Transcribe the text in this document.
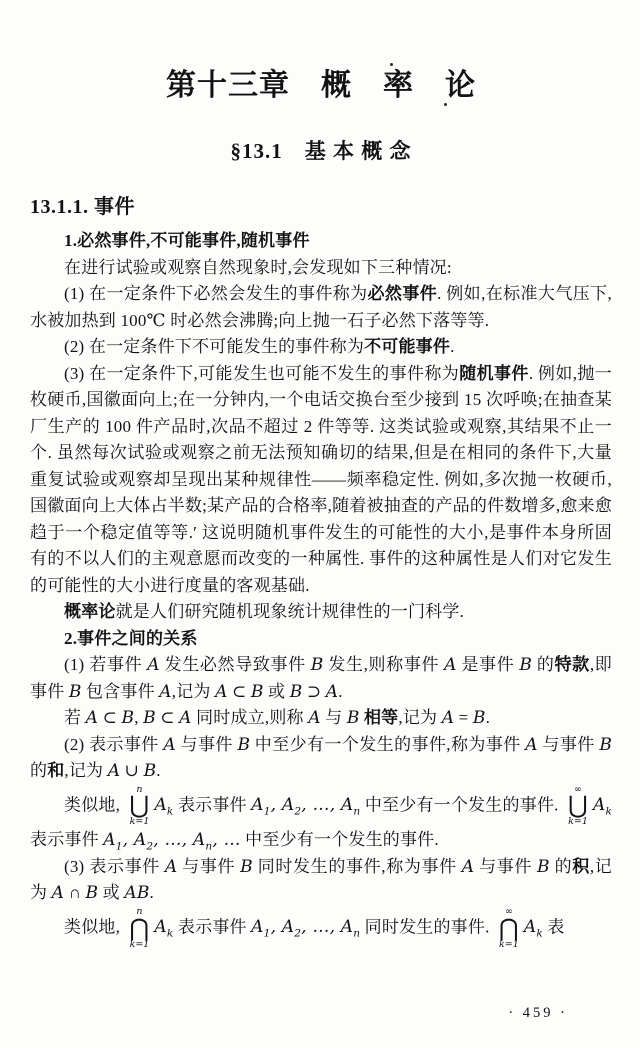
第十三章　概　率　论
§13.1　基 本 概 念
13.1.1. 事件

1.必然事件,不可能事件,随机事件

在进行试验或观察自然现象时,会发现如下三种情况:

(1) 在一定条件下必然会发生的事件称为必然事件. 例如,在标准大气压下,水被加热到 100℃ 时必然会沸腾;向上抛一石子必然下落等等.

(2) 在一定条件下不可能发生的事件称为不可能事件.

(3) 在一定条件下,可能发生也可能不发生的事件称为随机事件. 例如,抛一枚硬币,国徽面向上;在一分钟内,一个电话交换台至少接到 15 次呼唤;在抽查某厂生产的 100 件产品时,次品不超过 2 件等等. 这类试验或观察,其结果不止一个. 虽然每次试验或观察之前无法预知确切的结果,但是在相同的条件下,大量重复试验或观察却呈现出某种规律性——频率稳定性. 例如,多次抛一枚硬币,国徽面向上大体占半数;某产品的合格率,随着被抽查的产品的件数增多,愈来愈趋于一个稳定值等等.′ 这说明随机事件发生的可能性的大小,是事件本身所固有的不以人们的主观意愿而改变的一种属性. 事件的这种属性是人们对它发生的可能性的大小进行度量的客观基础.

概率论就是人们研究随机现象统计规律性的一门科学.

2.事件之间的关系

(1) 若事件 A 发生必然导致事件 B 发生,则称事件 A 是事件 B 的特款,即事件 B 包含事件 A,记为 A ⊂ B 或 B ⊃ A.

若 A ⊂ B, B ⊂ A 同时成立,则称 A 与 B 相等,记为 A = B.

(2) 表示事件 A 与事件 B 中至少有一个发生的事件,称为事件 A 与事件 B 的和,记为 A ∪ B.

类似地,
n
⋃
k=1
$A_k$ 表示事件 $A_1$, $A_2$, …, $A_n$ 中至少有一个发生的事件.
∞
⋃
k=1
$A_k$ 表示事件 $A_1$, $A_2$, …, $A_n$, … 中至少有一个发生的事件.

(3) 表示事件 A 与事件 B 同时发生的事件,称为事件 A 与事件 B 的积,记为 A ∩ B 或 AB.

类似地,
n
⋂
k=1
$A_k$ 表示事件 $A_1$, $A_2$, …, $A_n$ 同时发生的事件.
∞
⋂
k=1
$A_k$ 表

· 459 ·
